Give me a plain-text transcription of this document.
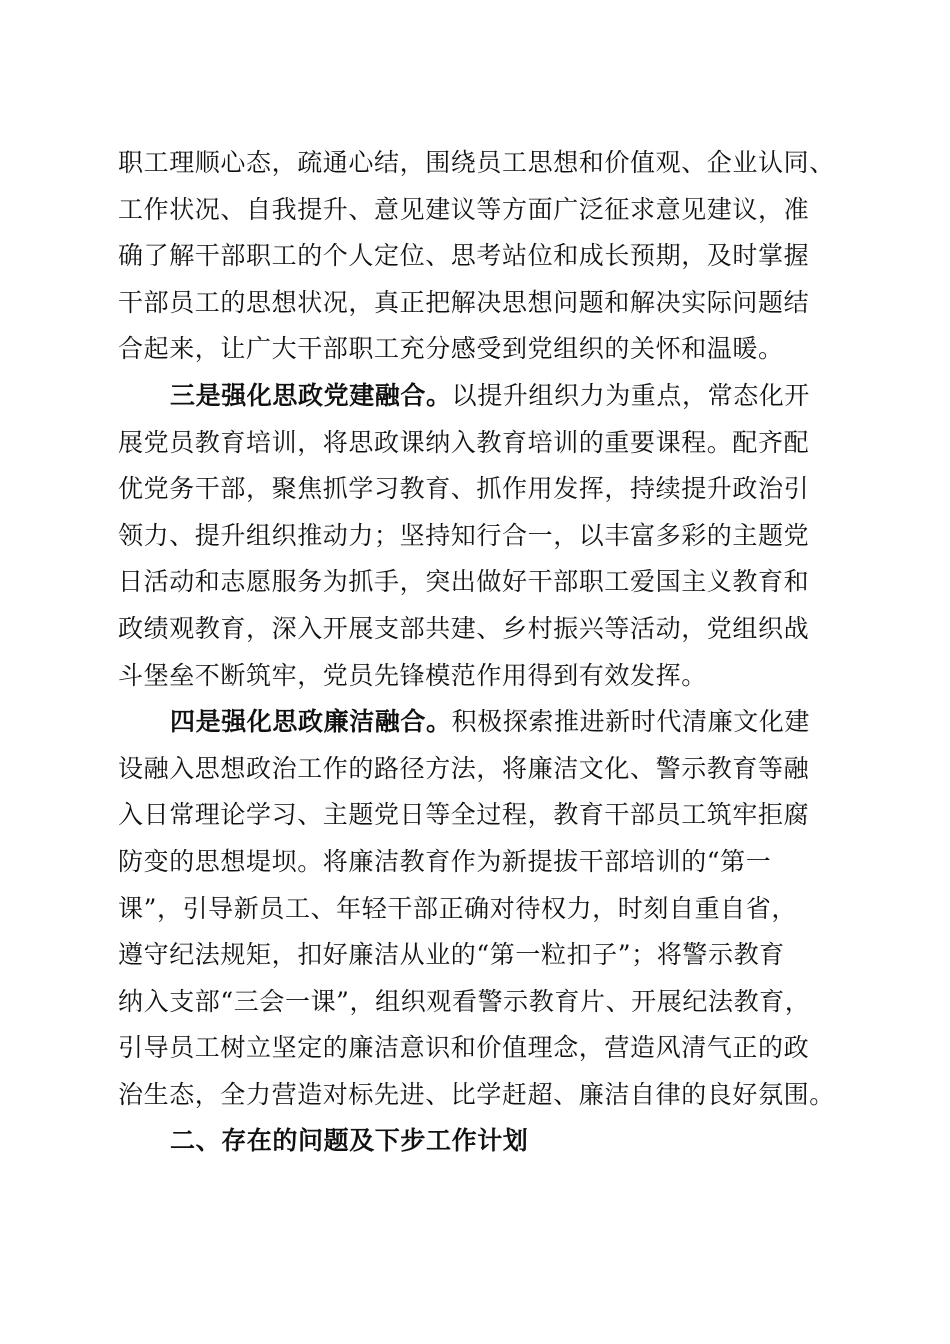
职工理顺心态，疏通心结，围绕员工思想和价值观、企业认同、
工作状况、自我提升、意见建议等方面广泛征求意见建议，准
确了解干部职工的个人定位、思考站位和成长预期，及时掌握
干部员工的思想状况，真正把解决思想问题和解决实际问题结
合起来，让广大干部职工充分感受到党组织的关怀和温暖。
三是强化思政党建融合。以提升组织力为重点，常态化开
展党员教育培训，将思政课纳入教育培训的重要课程。配齐配
优党务干部，聚焦抓学习教育、抓作用发挥，持续提升政治引
领力、提升组织推动力；坚持知行合一，以丰富多彩的主题党
日活动和志愿服务为抓手，突出做好干部职工爱国主义教育和
政绩观教育，深入开展支部共建、乡村振兴等活动，党组织战
斗堡垒不断筑牢，党员先锋模范作用得到有效发挥。
四是强化思政廉洁融合。积极探索推进新时代清廉文化建
设融入思想政治工作的路径方法，将廉洁文化、警示教育等融
入日常理论学习、主题党日等全过程，教育干部员工筑牢拒腐
防变的思想堤坝。将廉洁教育作为新提拔干部培训的“第一
课”，引导新员工、年轻干部正确对待权力，时刻自重自省，
遵守纪法规矩，扣好廉洁从业的“第一粒扣子”；将警示教育
纳入支部“三会一课”，组织观看警示教育片、开展纪法教育，
引导员工树立坚定的廉洁意识和价值理念，营造风清气正的政
治生态，全力营造对标先进、比学赶超、廉洁自律的良好氛围。
二、存在的问题及下步工作计划
